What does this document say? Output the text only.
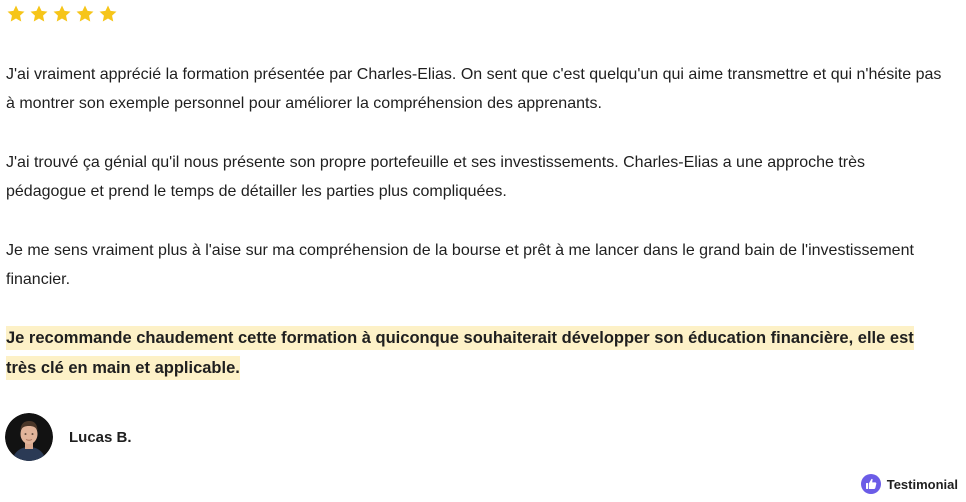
J'ai vraiment apprécié la formation présentée par Charles-Elias. On sent que c'est quelqu'un qui aime transmettre et qui n'hésite pas à montrer son exemple personnel pour améliorer la compréhension des apprenants.

J'ai trouvé ça génial qu'il nous présente son propre portefeuille et ses investissements. Charles-Elias a une approche très pédagogue et prend le temps de détailler les parties plus compliquées.

Je me sens vraiment plus à l'aise sur ma compréhension de la bourse et prêt à me lancer dans le grand bain de l'investissement financier.

Je recommande chaudement cette formation à quiconque souhaiterait développer son éducation financière, elle est très clé en main et applicable.
Lucas B.
Testimonial
